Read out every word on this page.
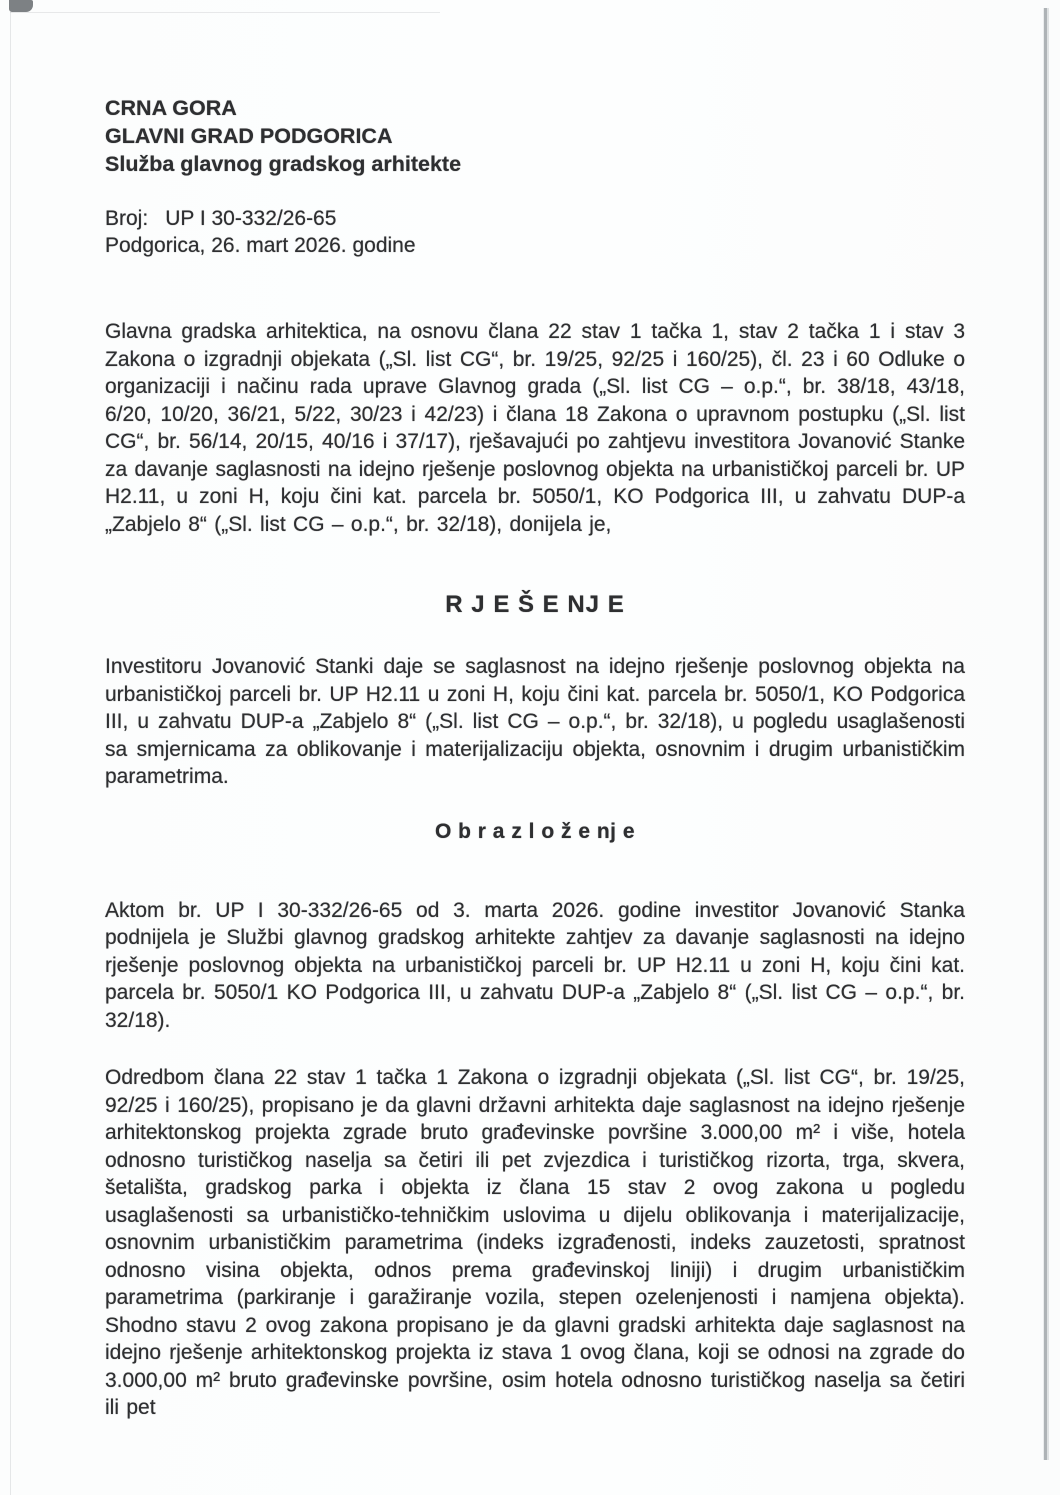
CRNA GORA
GLAVNI GRAD PODGORICA
Služba glavnog gradskog arhitekte
Broj: UP I 30-332/26-65
Podgorica, 26. mart 2026. godine

Glavna gradska arhitektica, na osnovu člana 22 stav 1 tačka 1, stav 2 tačka 1 i stav 3 Zakona o izgradnji objekata („Sl. list CG“, br. 19/25, 92/25 i 160/25), čl. 23 i 60 Odluke o organizaciji i načinu rada uprave Glavnog grada („Sl. list CG – o.p.“, br. 38/18, 43/18, 6/20, 10/20, 36/21, 5/22, 30/23 i 42/23) i člana 18 Zakona o upravnom postupku („Sl. list CG“, br. 56/14, 20/15, 40/16 i 37/17), rješavajući po zahtjevu investitora Jovanović Stanke za davanje saglasnosti na idejno rješenje poslovnog objekta na urbanističkoj parceli br. UP H2.11, u zoni H, koju čini kat. parcela br. 5050/1, KO Podgorica III, u zahvatu DUP-a „Zabjelo 8“ („Sl. list CG – o.p.“, br. 32/18), donijela je,

R J E Š E NJ E

Investitoru Jovanović Stanki daje se saglasnost na idejno rješenje poslovnog objekta na urbanističkoj parceli br. UP H2.11 u zoni H, koju čini kat. parcela br. 5050/1, KO Podgorica III, u zahvatu DUP-a „Zabjelo 8“ („Sl. list CG – o.p.“, br. 32/18), u pogledu usaglašenosti sa smjernicama za oblikovanje i materijalizaciju objekta, osnovnim i drugim urbanističkim parametrima.

O b r a z l o ž e nj e

Aktom br. UP I 30-332/26-65 od 3. marta 2026. godine investitor Jovanović Stanka podnijela je Službi glavnog gradskog arhitekte zahtjev za davanje saglasnosti na idejno rješenje poslovnog objekta na urbanističkoj parceli br. UP H2.11 u zoni H, koju čini kat. parcela br. 5050/1 KO Podgorica III, u zahvatu DUP-a „Zabjelo 8“ („Sl. list CG – o.p.“, br. 32/18).

Odredbom člana 22 stav 1 tačka 1 Zakona o izgradnji objekata („Sl. list CG“, br. 19/25, 92/25 i 160/25), propisano je da glavni državni arhitekta daje saglasnost na idejno rješenje arhitektonskog projekta zgrade bruto građevinske površine 3.000,00 m² i više, hotela odnosno turističkog naselja sa četiri ili pet zvjezdica i turističkog rizorta, trga, skvera, šetališta, gradskog parka i objekta iz člana 15 stav 2 ovog zakona u pogledu usaglašenosti sa urbanističko-tehničkim uslovima u dijelu oblikovanja i materijalizacije, osnovnim urbanističkim parametrima (indeks izgrađenosti, indeks zauzetosti, spratnost odnosno visina objekta, odnos prema građevinskoj liniji) i drugim urbanističkim parametrima (parkiranje i garažiranje vozila, stepen ozelenjenosti i namjena objekta). Shodno stavu 2 ovog zakona propisano je da glavni gradski arhitekta daje saglasnost na idejno rješenje arhitektonskog projekta iz stava 1 ovog člana, koji se odnosi na zgrade do 3.000,00 m² bruto građevinske površine, osim hotela odnosno turističkog naselja sa četiri ili pet
